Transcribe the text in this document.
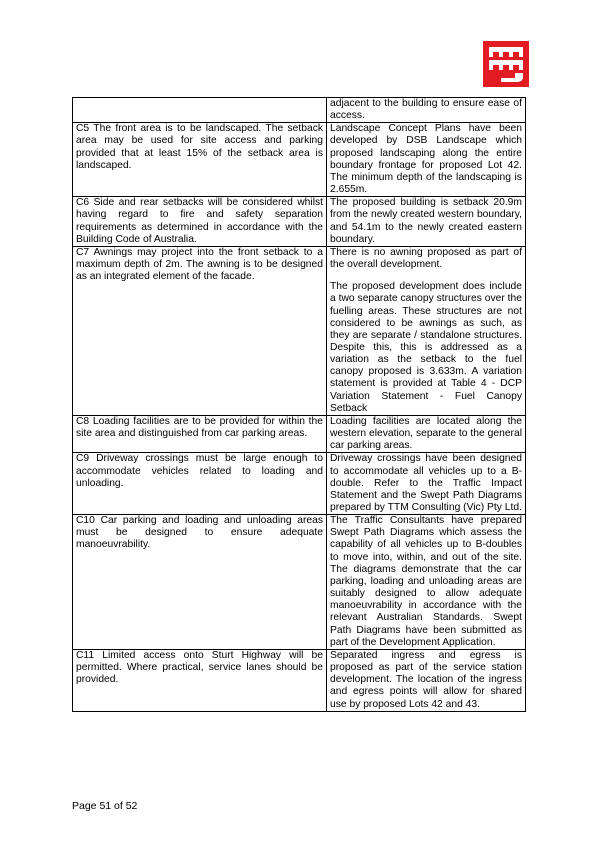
	adjacent to the building to ensure ease of access.

C5 The front area is to be landscaped. The setback area may be used for site access and parking provided that at least 15% of the setback area is landscaped.	Landscape Concept Plans have been developed by DSB Landscape which proposed landscaping along the entire boundary frontage for proposed Lot 42. The minimum depth of the landscaping is 2.655m.

C6 Side and rear setbacks will be considered whilst having regard to fire and safety separation requirements as determined in accordance with the Building Code of Australia.	The proposed building is setback 20.9m from the newly created western boundary, and 54.1m to the newly created eastern boundary.

C7 Awnings may project into the front setback to a maximum depth of 2m. The awning is to be designed as an integrated element of the facade.	There is no awning proposed as part of the overall development.

The proposed development does include a two separate canopy structures over the fuelling areas. These structures are not considered to be awnings as such, as they are separate / standalone structures. Despite this, this is addressed as a variation as the setback to the fuel canopy proposed is 3.633m. A variation statement is provided at Table 4 - DCP Variation Statement - Fuel Canopy Setback

C8 Loading facilities are to be provided for within the site area and distinguished from car parking areas.	Loading facilities are located along the western elevation, separate to the general car parking areas.

C9 Driveway crossings must be large enough to accommodate vehicles related to loading and unloading.	Driveway crossings have been designed to accommodate all vehicles up to a B-double. Refer to the Traffic Impact Statement and the Swept Path Diagrams prepared by TTM Consulting (Vic) Pty Ltd.

C10 Car parking and loading and unloading areas must be designed to ensure adequate manoeuvrability.	The Traffic Consultants have prepared Swept Path Diagrams which assess the capability of all vehicles up to B-doubles to move into, within, and out of the site. The diagrams demonstrate that the car parking, loading and unloading areas are suitably designed to allow adequate manoeuvrability in accordance with the relevant Australian Standards. Swept Path Diagrams have been submitted as part of the Development Application.

C11 Limited access onto Sturt Highway will be permitted. Where practical, service lanes should be provided.	Separated ingress and egress is proposed as part of the service station development. The location of the ingress and egress points will allow for shared use by proposed Lots 42 and 43.

Page 51 of 52
